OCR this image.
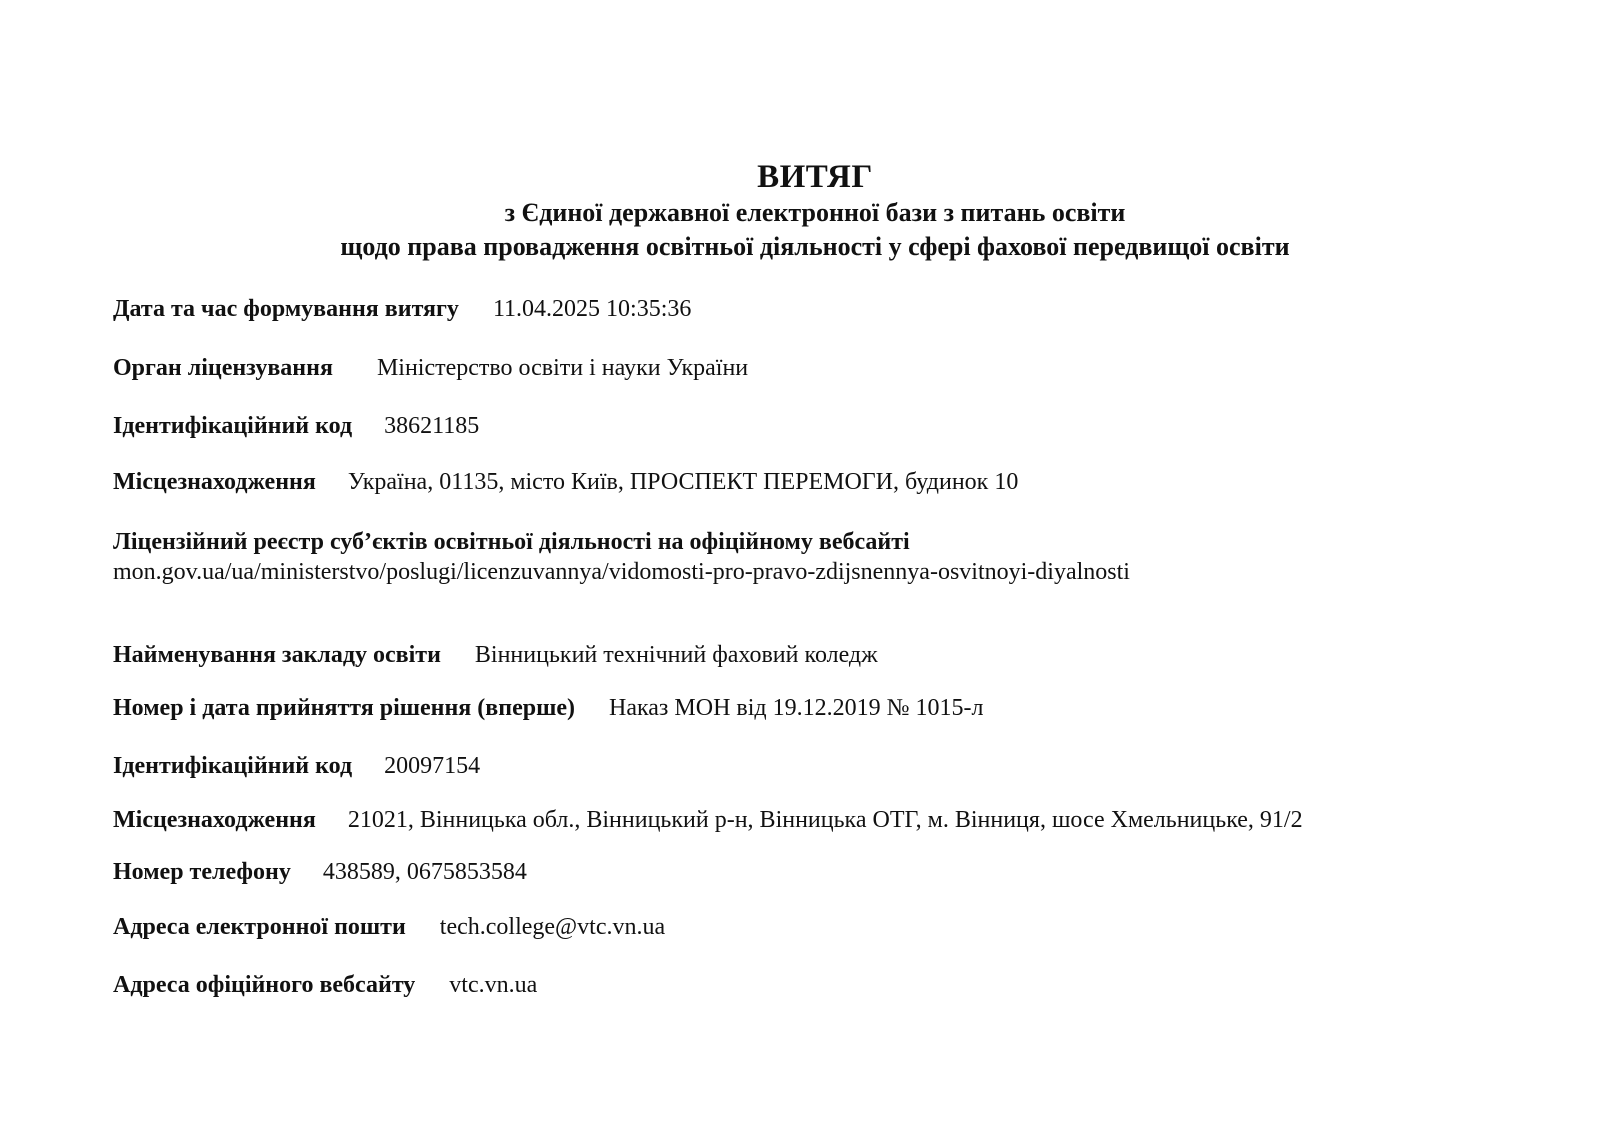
ВИТЯГ
з Єдиної державної електронної бази з питань освіти
щодо права провадження освітньої діяльності у сфері фахової передвищої освіти
Дата та час формування витягу 11.04.2025 10:35:36
Орган ліцензування Міністерство освіти і науки України
Ідентифікаційний код 38621185
Місцезнаходження Україна, 01135, місто Київ, ПРОСПЕКТ ПЕРЕМОГИ, будинок 10
Ліцензійний реєстр суб’єктів освітньої діяльності на офіційному вебсайті
mon.gov.ua/ua/ministerstvo/poslugi/licenzuvannya/vidomosti-pro-pravo-zdijsnennya-osvitnoyi-diyalnosti
Найменування закладу освіти Вінницький технічний фаховий коледж
Номер і дата прийняття рішення (вперше) Наказ МОН від 19.12.2019 № 1015-л
Ідентифікаційний код 20097154
Місцезнаходження 21021, Вінницька обл., Вінницький р-н, Вінницька ОТГ, м. Вінниця, шосе Хмельницьке, 91/2
Номер телефону 438589, 0675853584
Адреса електронної пошти tech.college@vtc.vn.ua
Адреса офіційного вебсайту vtc.vn.ua
